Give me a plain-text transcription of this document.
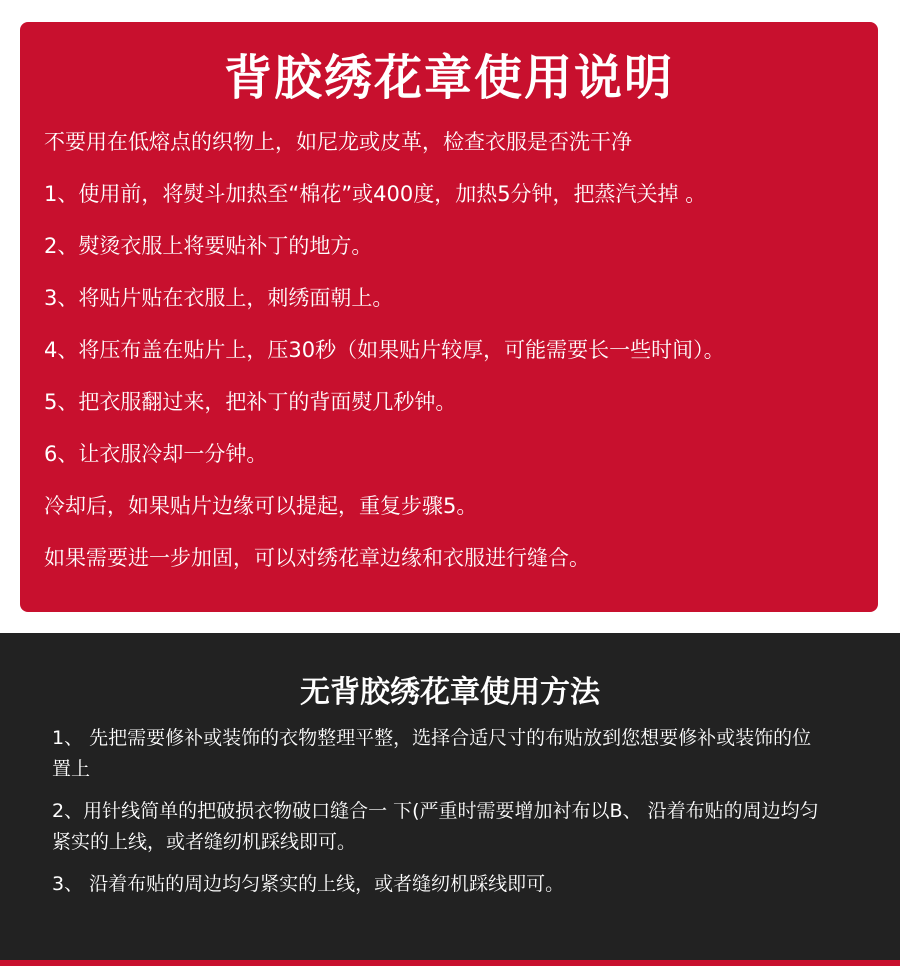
背胶绣花章使用说明
不要用在低熔点的织物上，如尼龙或皮革，检查衣服是否洗干净
1、使用前，将熨斗加热至“棉花”或400度，加热5分钟，把蒸汽关掉 。
2、熨烫衣服上将要贴补丁的地方。
3、将贴片贴在衣服上，刺绣面朝上。
4、将压布盖在贴片上，压30秒（如果贴片较厚，可能需要长一些时间）。
5、把衣服翻过来，把补丁的背面熨几秒钟。
6、让衣服冷却一分钟。
冷却后，如果贴片边缘可以提起，重复步骤5。
如果需要进一步加固，可以对绣花章边缘和衣服进行缝合。
无背胶绣花章使用方法
1、 先把需要修补或装饰的衣物整理平整，选择合适尺寸的布贴放到您想要修补或装饰的位置上
2、用针线简单的把破损衣物破口缝合一 下(严重时需要增加衬布以B、 沿着布贴的周边均匀紧实的上线，或者缝纫机踩线即可。
3、 沿着布贴的周边均匀紧实的上线，或者缝纫机踩线即可。
